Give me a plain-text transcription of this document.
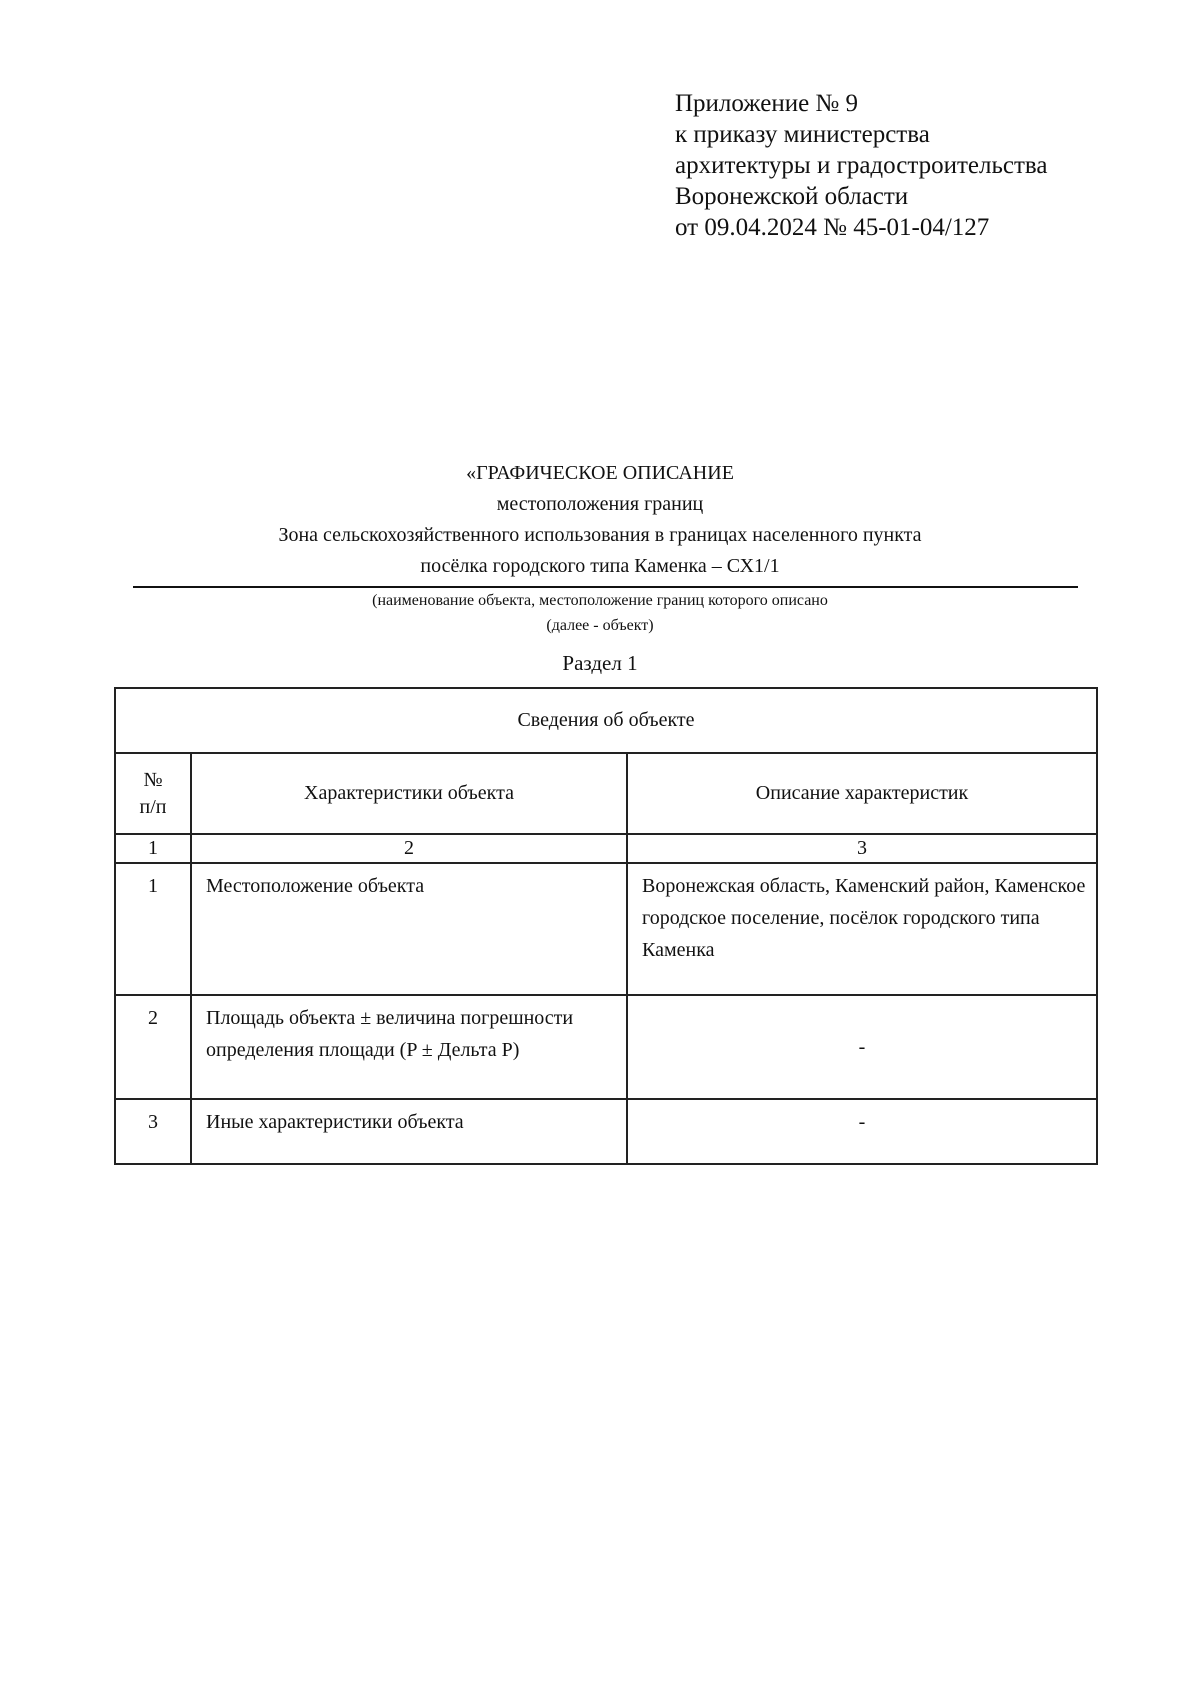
Приложение № 9
к приказу министерства
архитектуры и градостроительства
Воронежской области
от 09.04.2024 № 45-01-04/127
«ГРАФИЧЕСКОЕ ОПИСАНИЕ
местоположения границ
Зона сельскохозяйственного использования в границах населенного пункта
посёлка городского типа Каменка – СХ1/1
(наименование объекта, местоположение границ которого описано
(далее - объект)
Раздел 1
Сведения об объекте		
№ п/п	Характеристики объекта	Описание характеристик
1	2	3
1	Местоположение объекта	Воронежская область, Каменский район, Каменское городское поселение, посёлок городского типа Каменка
2	Площадь объекта ± величина погрешности определения площади (P ± Дельта P)	-
3	Иные характеристики объекта	-
